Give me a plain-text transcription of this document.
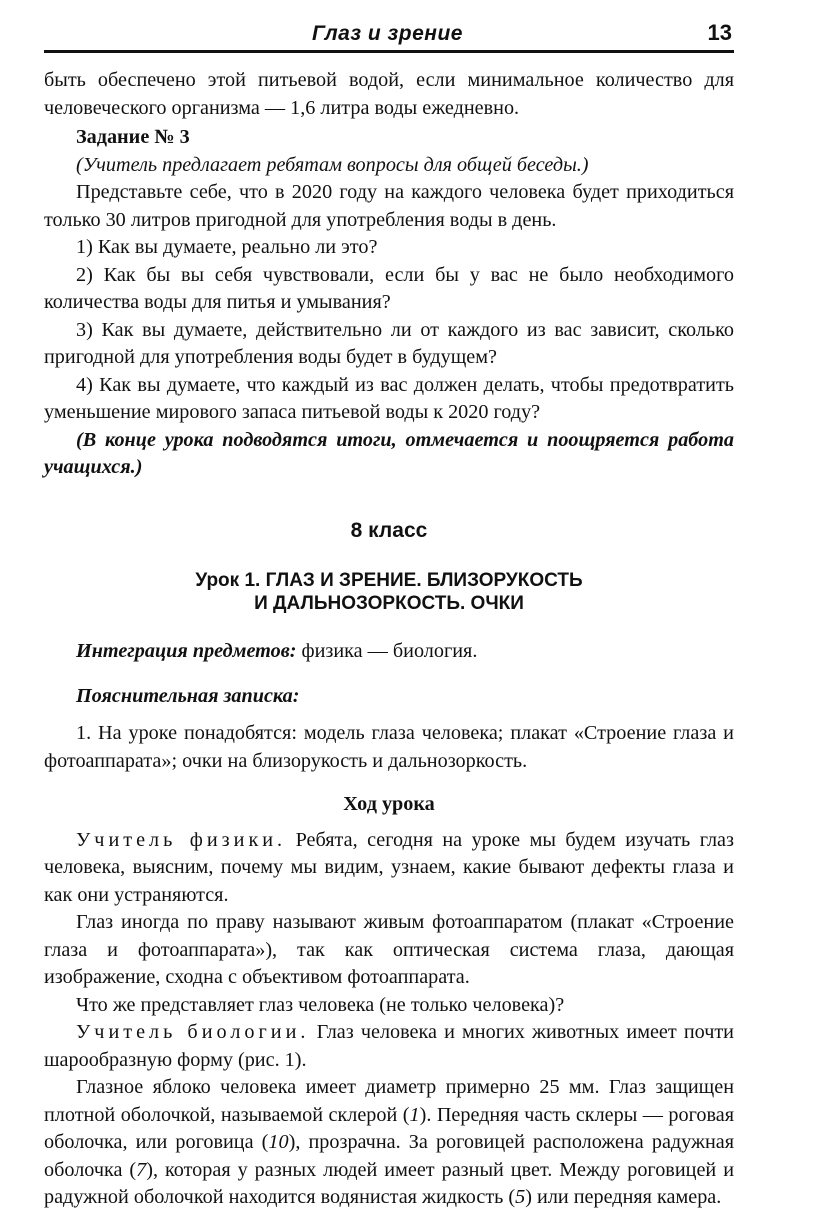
Глаз и зрение	13

быть обеспечено этой питьевой водой, если минимальное количество для человеческого организма — 1,6 литра воды ежедневно.

Задание № 3

(Учитель предлагает ребятам вопросы для общей беседы.)

Представьте себе, что в 2020 году на каждого человека будет приходиться только 30 литров пригодной для употребления воды в день.

1) Как вы думаете, реально ли это?

2) Как бы вы себя чувствовали, если бы у вас не было необходимого количества воды для питья и умывания?

3) Как вы думаете, действительно ли от каждого из вас зависит, сколько пригодной для употребления воды будет в будущем?

4) Как вы думаете, что каждый из вас должен делать, чтобы предотвратить уменьшение мирового запаса питьевой воды к 2020 году?

(В конце урока подводятся итоги, отмечается и поощряется работа учащихся.)

8 класс

Урок 1. ГЛАЗ И ЗРЕНИЕ. БЛИЗОРУКОСТЬ
И ДАЛЬНОЗОРКОСТЬ. ОЧКИ

Интеграция предметов: физика — биология.

Пояснительная записка:

1. На уроке понадобятся: модель глаза человека; плакат «Строение глаза и фотоаппарата»; очки на близорукость и дальнозоркость.

Ход урока

Учитель физики. Ребята, сегодня на уроке мы будем изучать глаз человека, выясним, почему мы видим, узнаем, какие бывают дефекты глаза и как они устраняются.

Глаз иногда по праву называют живым фотоаппаратом (плакат «Строение глаза и фотоаппарата»), так как оптическая система глаза, дающая изображение, сходна с объективом фотоаппарата.

Что же представляет глаз человека (не только человека)?

Учитель биологии. Глаз человека и многих животных имеет почти шарообразную форму (рис. 1).

Глазное яблоко человека имеет диаметр примерно 25 мм. Глаз защищен плотной оболочкой, называемой склерой (1). Передняя часть склеры — роговая оболочка, или роговица (10), прозрачна. За роговицей расположена радужная оболочка (7), которая у разных людей имеет разный цвет. Между роговицей и радужной оболочкой находится водянистая жидкость (5) или передняя камера.
